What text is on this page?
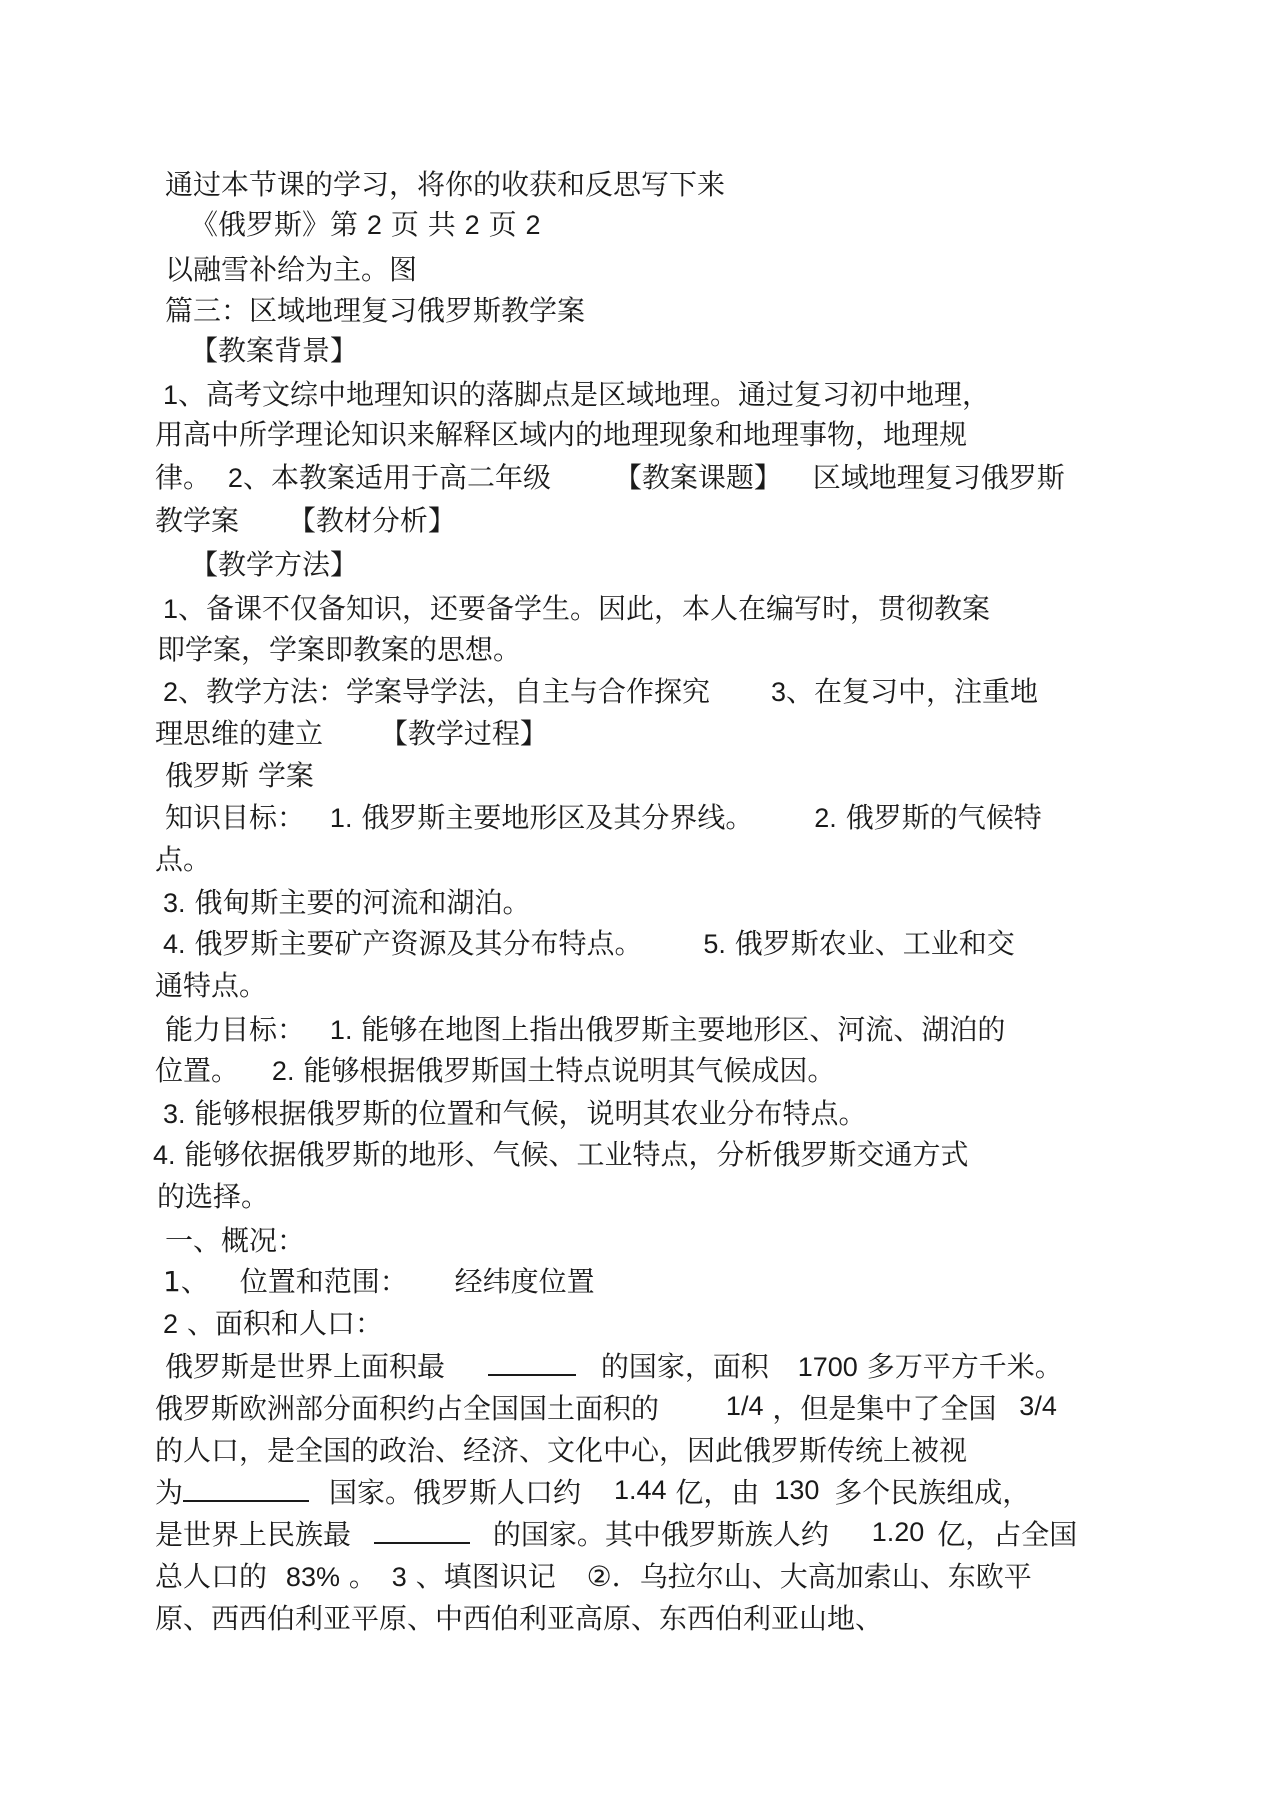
通过本节课的学习，将你的收获和反思写下来
《俄罗斯》第 2 页 共 2 页 2
以融雪补给为主。图
篇三：区域地理复习俄罗斯教学案
【教案背景】
1、高考文综中地理知识的落脚点是区域地理。通过复习初中地理，
用高中所学理论知识来解释区域内的地理现象和地理事物，地理规
律。 2、本教案适用于高二年级 【教案课题】 区域地理复习俄罗斯
教学案 【教材分析】
【教学方法】
1、备课不仅备知识，还要备学生。因此，本人在编写时，贯彻教案
即学案，学案即教案的思想。
2、教学方法：学案导学法，自主与合作探究 3、在复习中，注重地
理思维的建立 【教学过程】
俄罗斯 学案
知识目标： 1. 俄罗斯主要地形区及其分界线。 2. 俄罗斯的气候特
点。
3. 俄甸斯主要的河流和湖泊。
4. 俄罗斯主要矿产资源及其分布特点。 5. 俄罗斯农业、工业和交
通特点。
能力目标： 1. 能够在地图上指出俄罗斯主要地形区、河流、湖泊的
位置。 2. 能够根据俄罗斯国土特点说明其气候成因。
3. 能够根据俄罗斯的位置和气候，说明其农业分布特点。
4. 能够依据俄罗斯的地形、气候、工业特点，分析俄罗斯交通方式
的选择。
一、概况：
1、 位置和范围： 经纬度位置
2 、面积和人口：
俄罗斯是世界上面积最	的国家，面积 1700 多万平方千米。
俄罗斯欧洲部分面积约占全国国土面积的 1/4 ，但是集中了全国 3/4
的人口，是全国的政治、经济、文化中心，因此俄罗斯传统上被视
为	国家。俄罗斯人口约 1.44 亿，由 130 多个民族组成，
是世界上民族最	的国家。其中俄罗斯族人约 1.20 亿，占全国
总人口的 83% 。 3 、填图识记 ②．乌拉尔山、大高加索山、东欧平
原、西西伯利亚平原、中西伯利亚高原、东西伯利亚山地、
